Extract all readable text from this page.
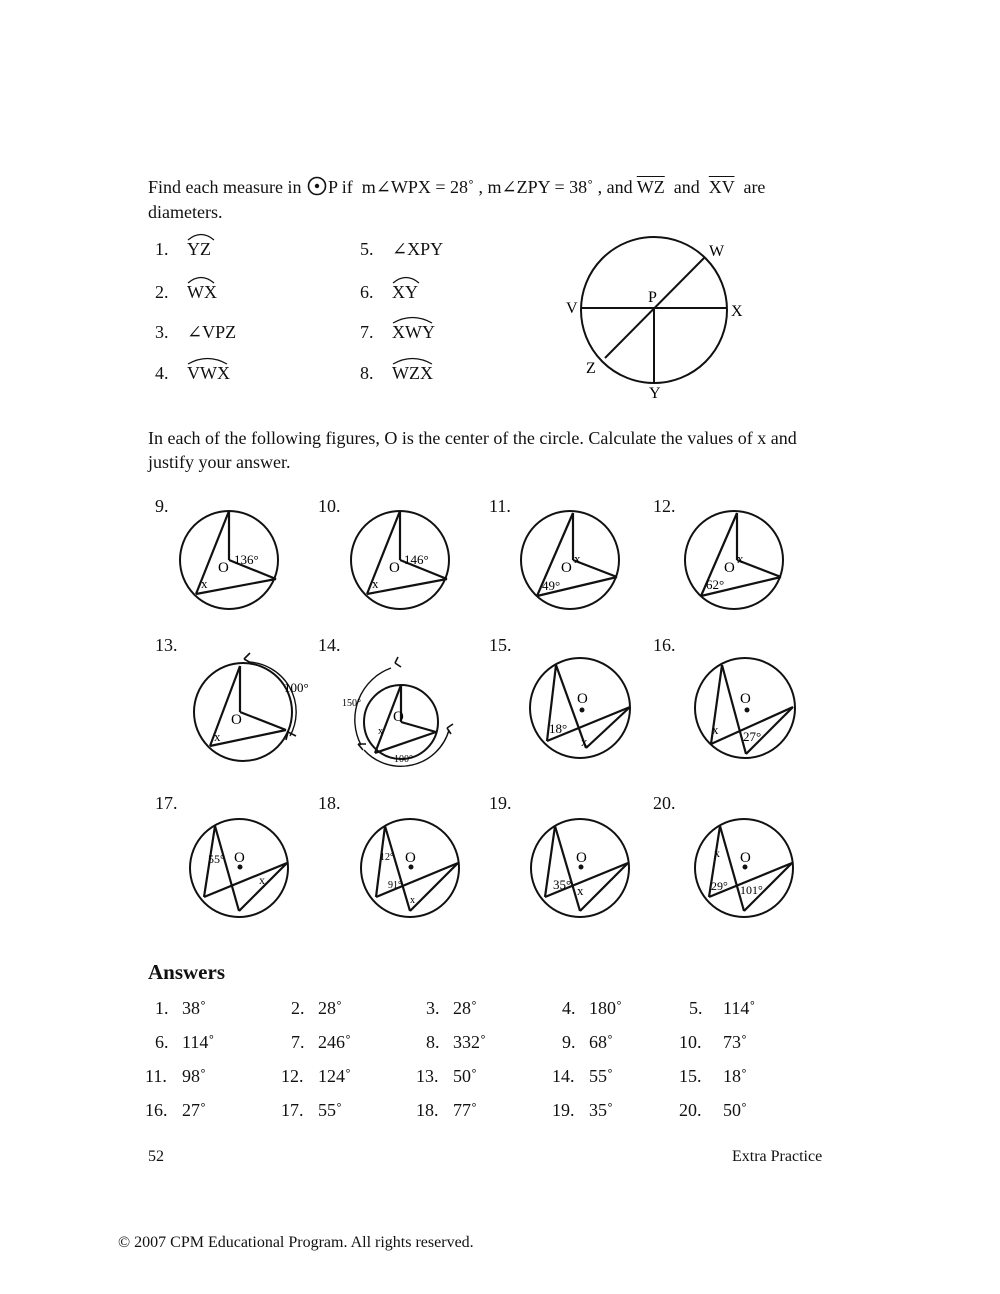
Find each measure in P if m∠WPX = 28˚ , m∠ZPY = 38˚ , and $\overline{WZ}$ and $\overline{XV}$ are
diameters.
1. YZ
2. WX
3. ∠VPZ
4. VWX
5. ∠XPY
6. XY
7. XWY
8. WZX
W
X
V
P
Z
Y
In each of the following figures, O is the center of the circle. Calculate the values of x and
justify your answer.
O
136°
x
O
146°
x
O
x
49°
O
x
62°
O
x
100°
O
x
150°
100°
O
18°
x
O
x 27°
O
55°
x
O
12°
91°
x
O
35° x
O
x
29° 101°
9.	10.	11.	12.
13.	14.	15.	16.
17.	18.	19.	20.
Answers
1. 38˚	2. 28˚	3. 28˚	4. 180˚	5. 114˚
6. 114˚	7. 246˚	8. 332˚	9. 68˚	10. 73˚
11. 98˚	12. 124˚	13. 50˚	14. 55˚	15. 18˚
16. 27˚	17. 55˚	18. 77˚	19. 35˚	20. 50˚
52	Extra Practice
© 2007 CPM Educational Program. All rights reserved.
